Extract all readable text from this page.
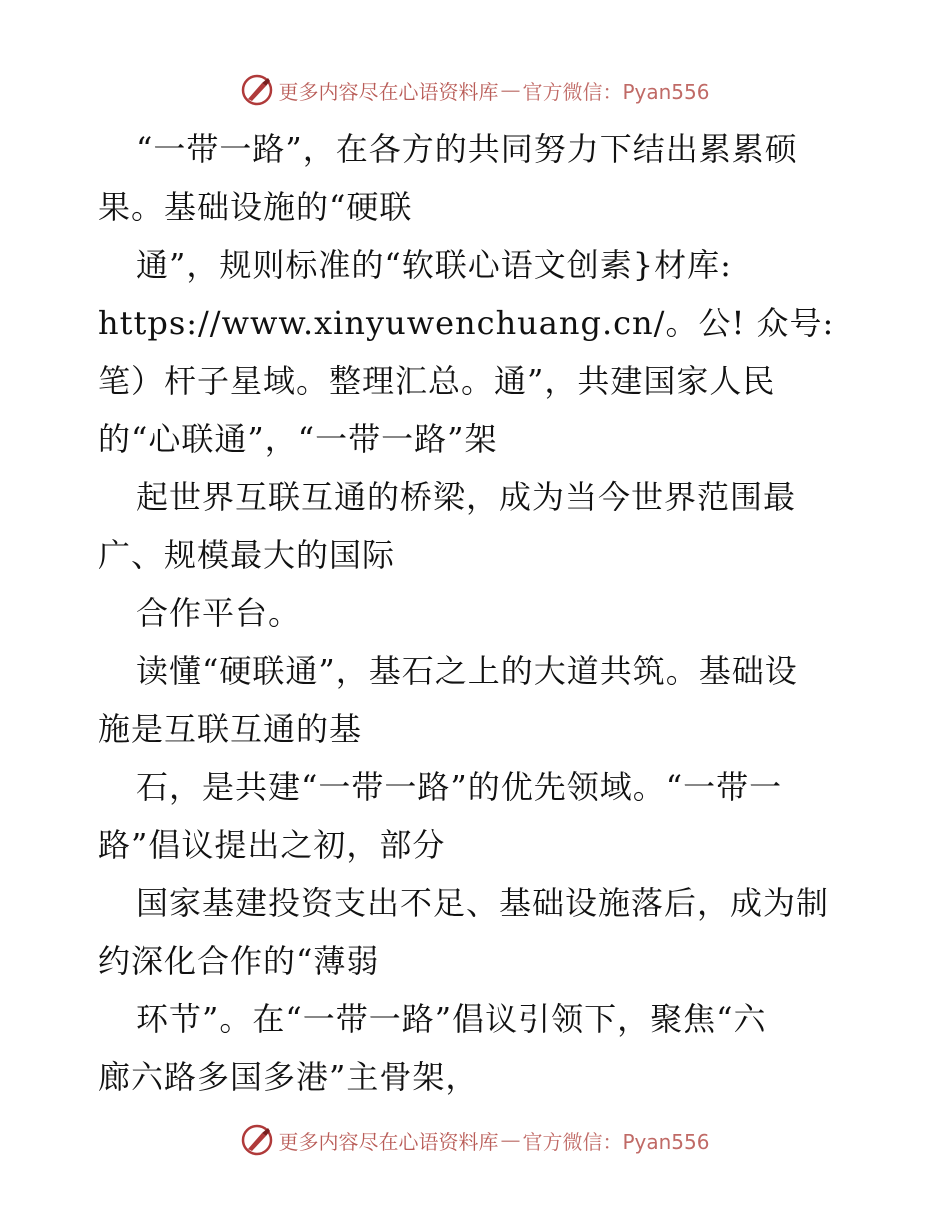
更多内容尽在心语资料库 — 官方微信：Pyan556
“一带一路”，在各方的共同努力下结出累累硕
果。基础设施的“硬联
通”，规则标准的“软联心语文创素}材库:
https://www.xinyuwenchuang.cn/。公! 众号:
笔）杆子星域。整理汇总。通”，共建国家人民
的“心联通”，“一带一路”架
起世界互联互通的桥梁，成为当今世界范围最
广、规模最大的国际
合作平台。
读懂“硬联通”，基石之上的大道共筑。基础设
施是互联互通的基
石，是共建“一带一路”的优先领域。“一带一
路”倡议提出之初，部分
国家基建投资支出不足、基础设施落后，成为制
约深化合作的“薄弱
环节”。在“一带一路”倡议引领下，聚焦“六
廊六路多国多港”主骨架，
更多内容尽在心语资料库 — 官方微信：Pyan556
